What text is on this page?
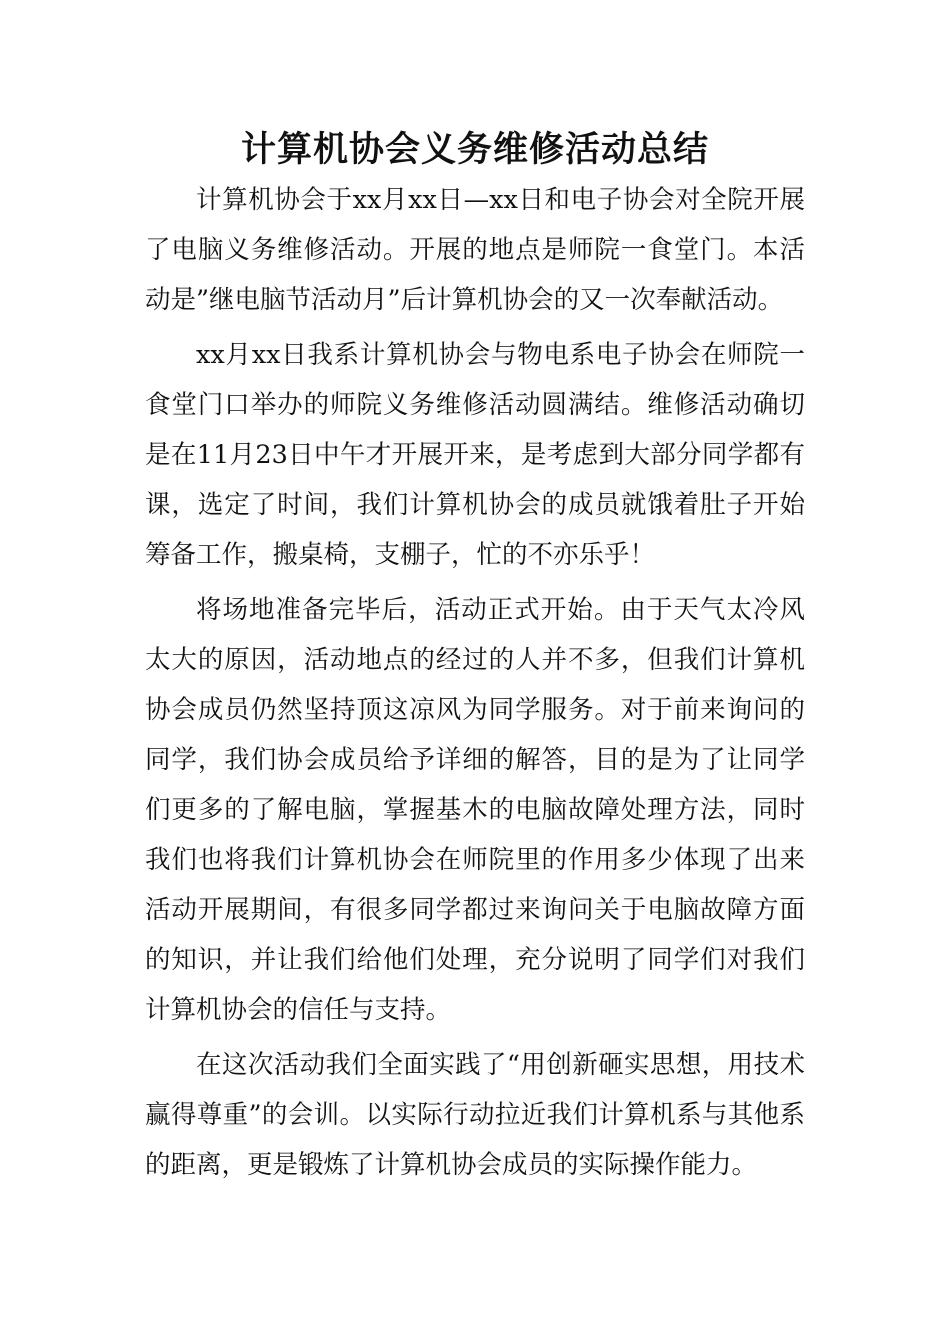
计算机协会义务维修活动总结

计算机协会于xx月xx日—xx日和电子协会对全院开展了电脑义务维修活动。开展的地点是师院一食堂门。本活动是”继电脑节活动月”后计算机协会的又一次奉献活动。

xx月xx日我系计算机协会与物电系电子协会在师院一食堂门口举办的师院义务维修活动圆满结。维修活动确切是在11月23日中午才开展开来，是考虑到大部分同学都有课，选定了时间，我们计算机协会的成员就饿着肚子开始筹备工作，搬桌椅，支棚子，忙的不亦乐乎！

将场地准备完毕后，活动正式开始。由于天气太冷风太大的原因，活动地点的经过的人并不多，但我们计算机协会成员仍然坚持顶这凉风为同学服务。对于前来询问的同学，我们协会成员给予详细的解答，目的是为了让同学们更多的了解电脑，掌握基木的电脑故障处理方法，同时我们也将我们计算机协会在师院里的作用多少体现了出来活动开展期间，有很多同学都过来询问关于电脑故障方面的知识，并让我们给他们处理，充分说明了同学们对我们计算机协会的信任与支持。

在这次活动我们全面实践了“用创新砸实思想，用技术赢得尊重”的会训。以实际行动拉近我们计算机系与其他系的距离，更是锻炼了计算机协会成员的实际操作能力。
